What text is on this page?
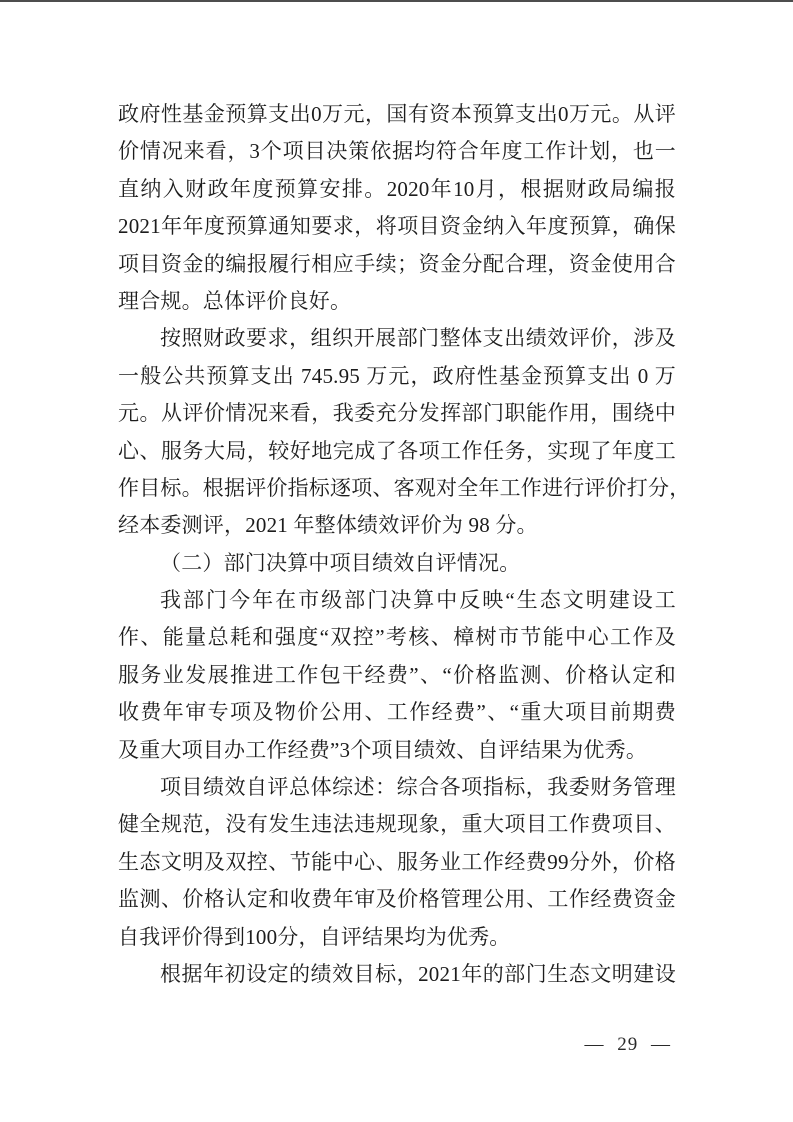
政府性基金预算支出0万元，国有资本预算支出0万元。从评
价情况来看，3个项目决策依据均符合年度工作计划，也一
直纳入财政年度预算安排。2020年10月，根据财政局编报
2021年年度预算通知要求，将项目资金纳入年度预算，确保
项目资金的编报履行相应手续；资金分配合理，资金使用合
理合规。总体评价良好。
按照财政要求，组织开展部门整体支出绩效评价，涉及
一般公共预算支出 745.95 万元，政府性基金预算支出 0 万
元。从评价情况来看，我委充分发挥部门职能作用，围绕中
心、服务大局，较好地完成了各项工作任务，实现了年度工
作目标。根据评价指标逐项、客观对全年工作进行评价打分，
经本委测评，2021 年整体绩效评价为 98 分。
（二）部门决算中项目绩效自评情况。
我部门今年在市级部门决算中反映“生态文明建设工
作、能量总耗和强度“双控”考核、樟树市节能中心工作及
服务业发展推进工作包干经费”、“价格监测、价格认定和
收费年审专项及物价公用、工作经费”、“重大项目前期费
及重大项目办工作经费”3个项目绩效、自评结果为优秀。
项目绩效自评总体综述：综合各项指标，我委财务管理
健全规范，没有发生违法违规现象，重大项目工作费项目、
生态文明及双控、节能中心、服务业工作经费99分外，价格
监测、价格认定和收费年审及价格管理公用、工作经费资金
自我评价得到100分，自评结果均为优秀。
根据年初设定的绩效目标，2021年的部门生态文明建设
— 29 —
